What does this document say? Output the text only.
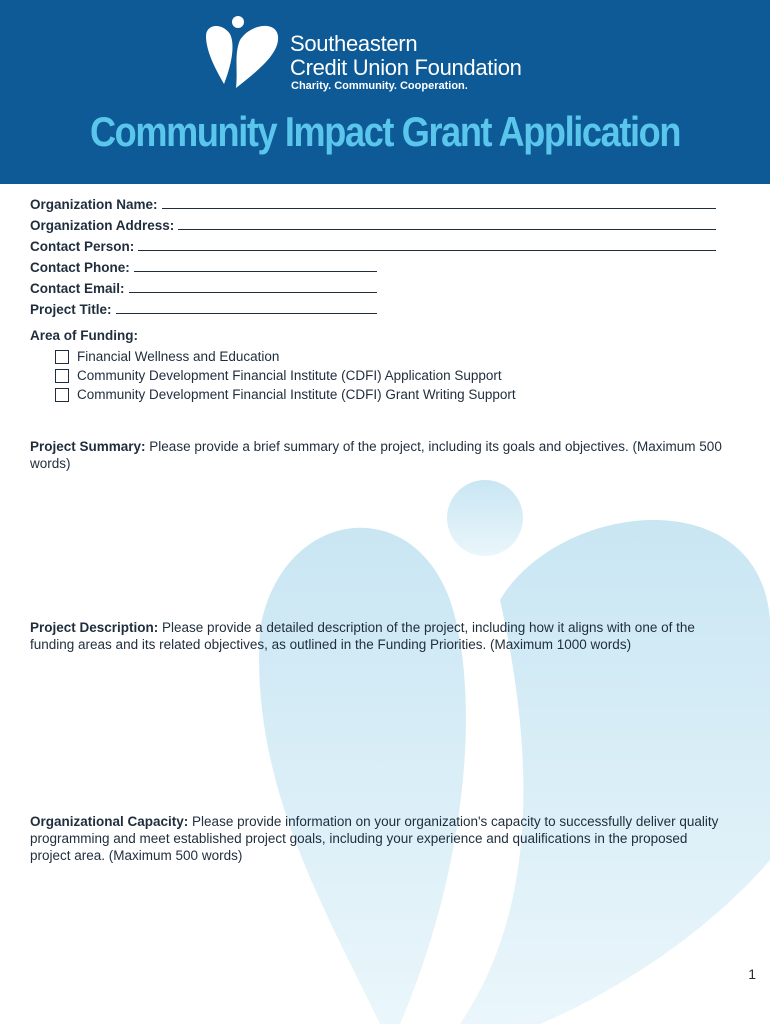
Southeastern
Credit Union Foundation
Charity. Community. Cooperation.
Community Impact Grant Application
Organization Name:
Organization Address:
Contact Person:
Contact Phone:
Contact Email:
Project Title:
Area of Funding:
Financial Wellness and Education
Community Development Financial Institute (CDFI) Application Support
Community Development Financial Institute (CDFI) Grant Writing Support
Project Summary: Please provide a brief summary of the project, including its goals and objectives. (Maximum 500 words)
Project Description: Please provide a detailed description of the project, including how it aligns with one of the funding areas and its related objectives, as outlined in the Funding Priorities. (Maximum 1000 words)
Organizational Capacity: Please provide information on your organization's capacity to successfully deliver quality programming and meet established project goals, including your experience and qualifications in the proposed project area. (Maximum 500 words)
1
